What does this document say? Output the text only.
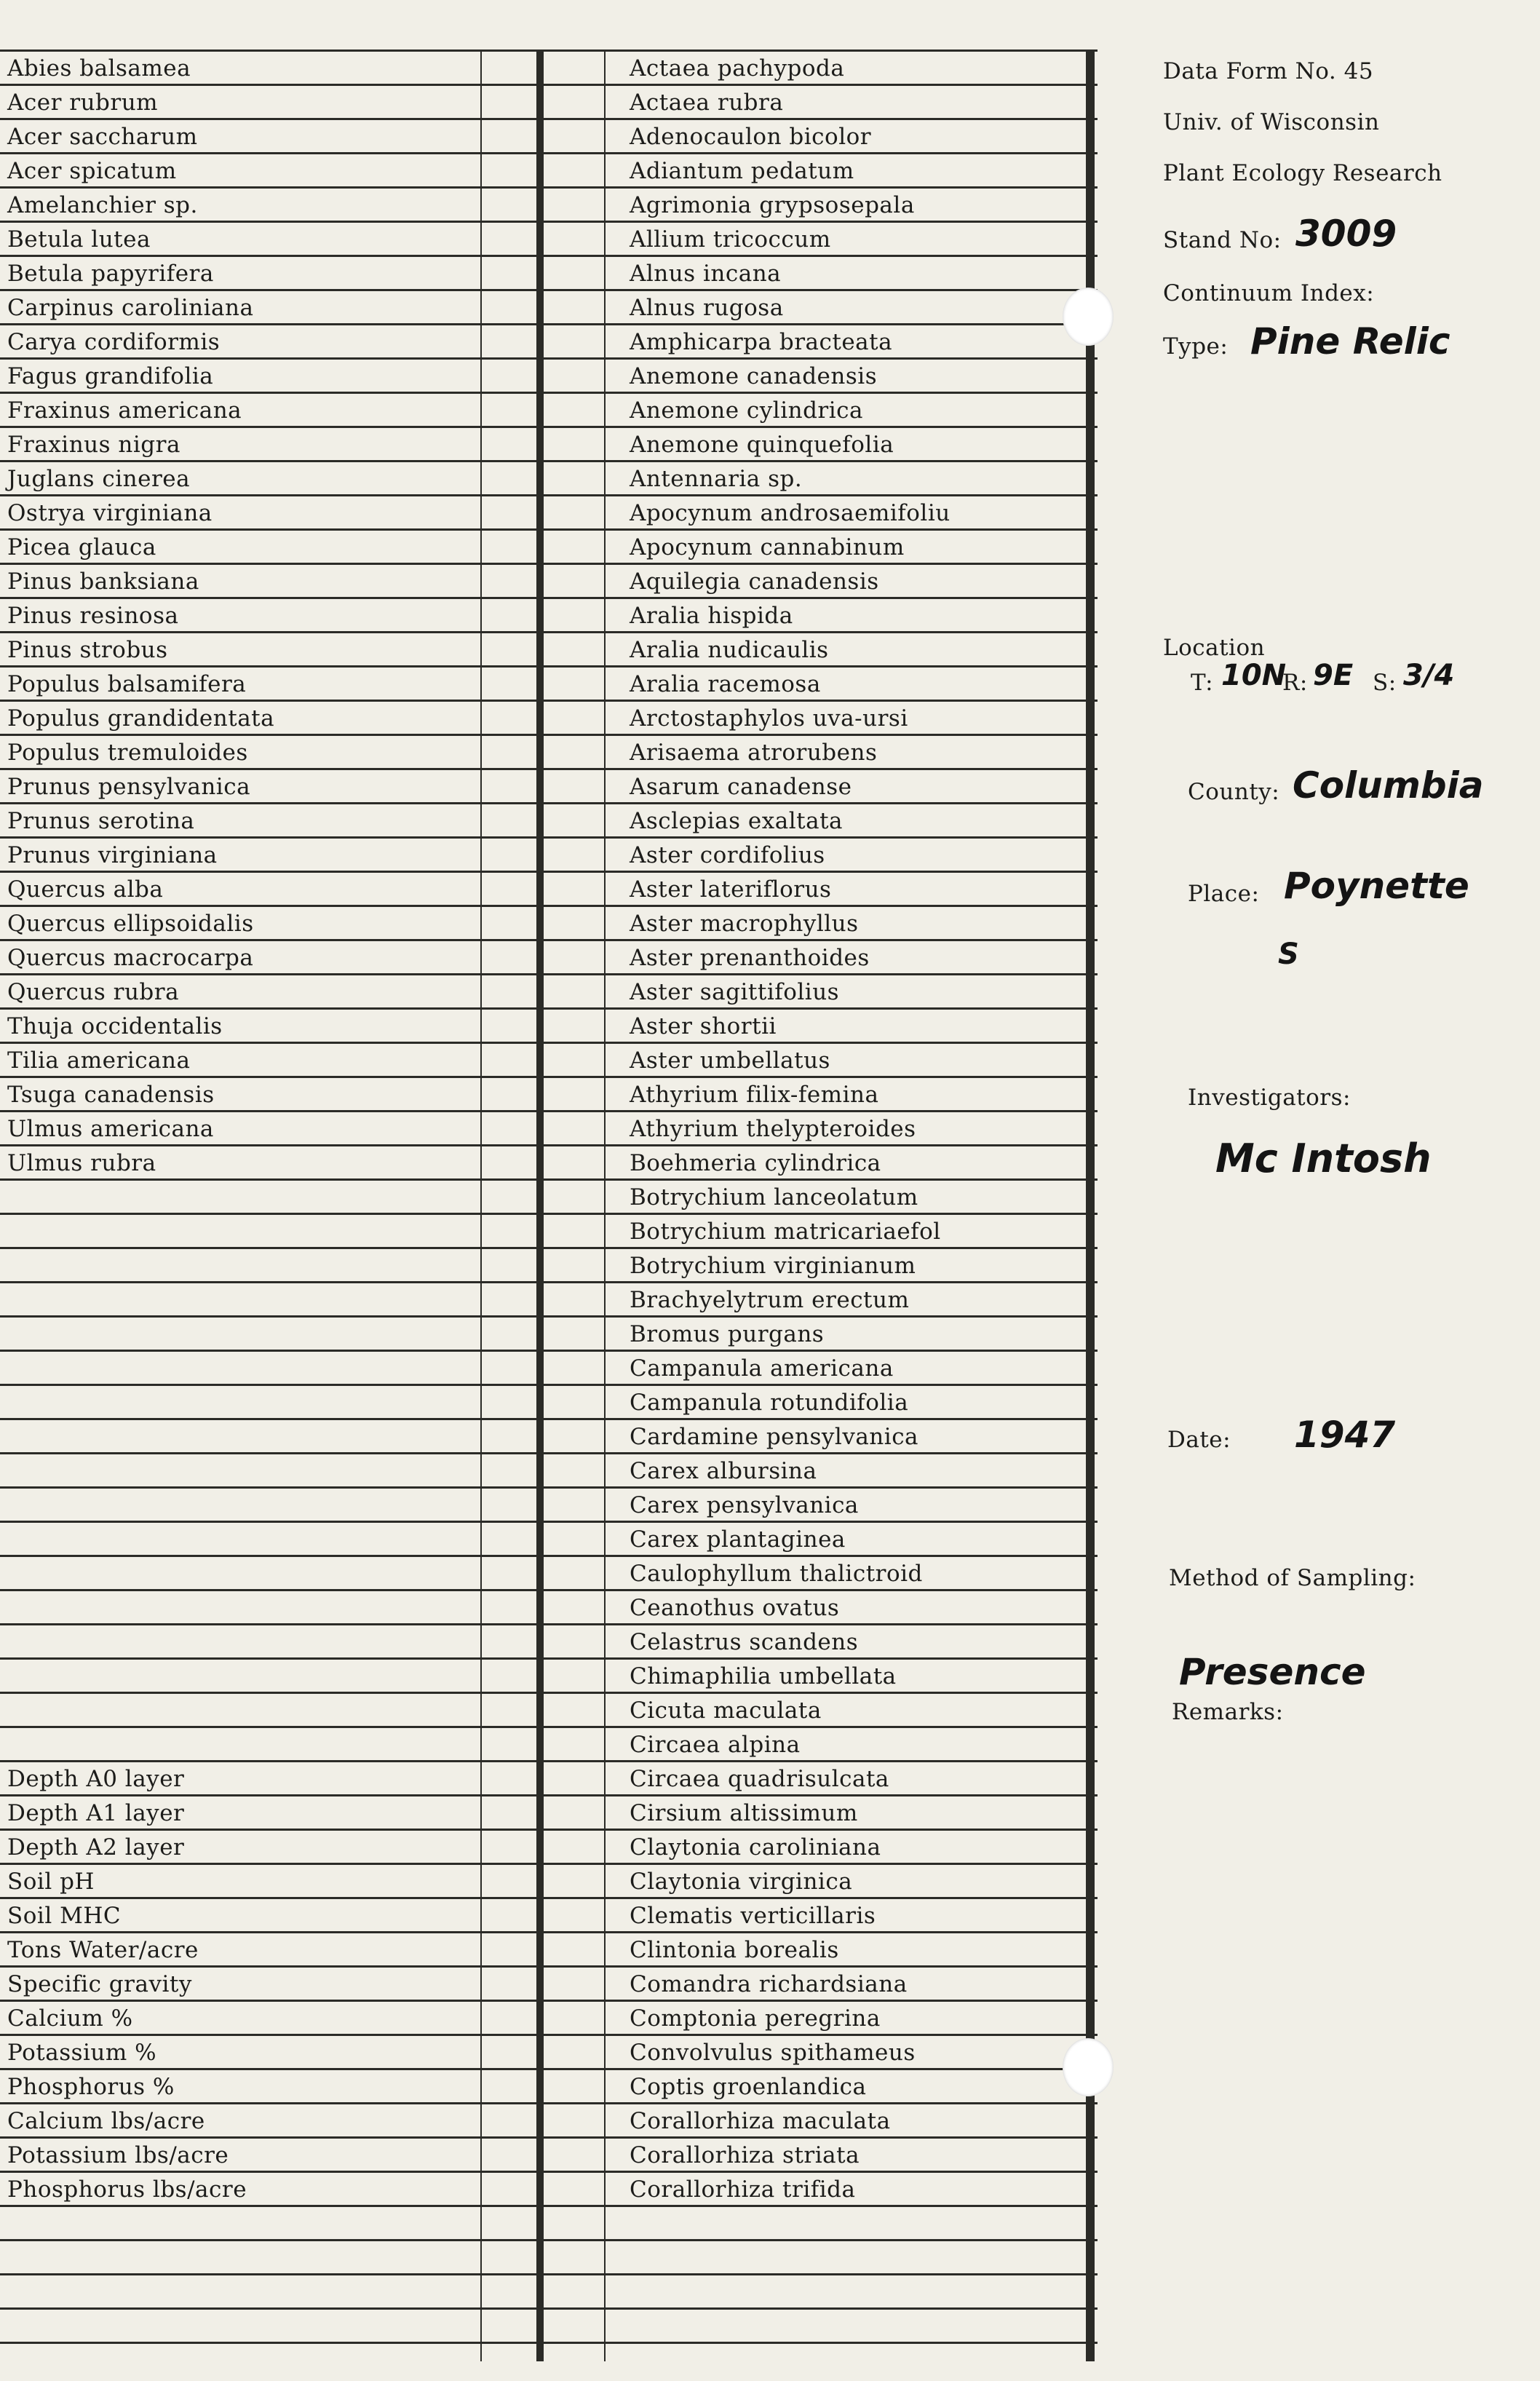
Abies balsamea
Acer rubrum
Acer saccharum
Acer spicatum
Amelanchier sp.
Betula lutea
Betula papyrifera
Carpinus caroliniana
Carya cordiformis
Fagus grandifolia
Fraxinus americana
Fraxinus nigra
Juglans cinerea
Ostrya virginiana
Picea glauca
Pinus banksiana
Pinus resinosa
Pinus strobus
Populus balsamifera
Populus grandidentata
Populus tremuloides
Prunus pensylvanica
Prunus serotina
Prunus virginiana
Quercus alba
Quercus ellipsoidalis
Quercus macrocarpa
Quercus rubra
Thuja occidentalis
Tilia americana
Tsuga canadensis
Ulmus americana
Ulmus rubra
Depth A0 layer
Depth A1 layer
Depth A2 layer
Soil pH
Soil MHC
Tons Water/acre
Specific gravity
Calcium %
Potassium %
Phosphorus %
Calcium lbs/acre
Potassium lbs/acre
Phosphorus lbs/acre
Actaea pachypoda
Actaea rubra
Adenocaulon bicolor
Adiantum pedatum
Agrimonia grypsosepala
Allium tricoccum
Alnus incana
Alnus rugosa
Amphicarpa bracteata
Anemone canadensis
Anemone cylindrica
Anemone quinquefolia
Antennaria sp.
Apocynum androsaemifoliu
Apocynum cannabinum
Aquilegia canadensis
Aralia hispida
Aralia nudicaulis
Aralia racemosa
Arctostaphylos uva-ursi
Arisaema atrorubens
Asarum canadense
Asclepias exaltata
Aster cordifolius
Aster lateriflorus
Aster macrophyllus
Aster prenanthoides
Aster sagittifolius
Aster shortii
Aster umbellatus
Athyrium filix-femina
Athyrium thelypteroides
Boehmeria cylindrica
Botrychium lanceolatum
Botrychium matricariaefol
Botrychium virginianum
Brachyelytrum erectum
Bromus purgans
Campanula americana
Campanula rotundifolia
Cardamine pensylvanica
Carex albursina
Carex pensylvanica
Carex plantaginea
Caulophyllum thalictroid
Ceanothus ovatus
Celastrus scandens
Chimaphilia umbellata
Cicuta maculata
Circaea alpina
Circaea quadrisulcata
Cirsium altissimum
Claytonia caroliniana
Claytonia virginica
Clematis verticillaris
Clintonia borealis
Comandra richardsiana
Comptonia peregrina
Convolvulus spithameus
Coptis groenlandica
Corallorhiza maculata
Corallorhiza striata
Corallorhiza trifida
Data Form No. 45
Univ. of Wisconsin
Plant Ecology Research
Stand No: 3009
Continuum Index:
Type: Pine Relic
Location
T: 10N
R: 9E S: 3/4
County: Columbia
Place: Poynette
S
Investigators:
Mc Intosh
Date: 1947
Method of Sampling:
Presence
Remarks:
